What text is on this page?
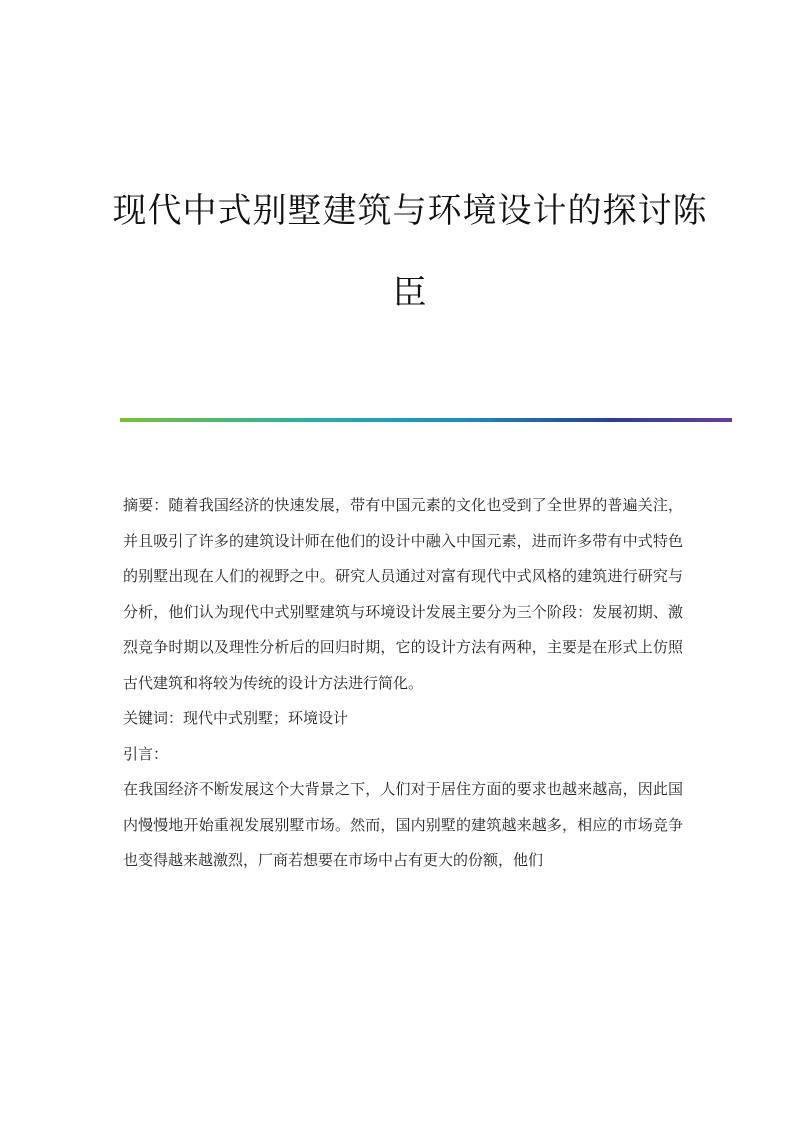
现代中式别墅建筑与环境设计的探讨陈
臣

摘要：随着我国经济的快速发展，带有中国元素的文化也受到了全世界的普遍关注，并且吸引了许多的建筑设计师在他们的设计中融入中国元素，进而许多带有中式特色的别墅出现在人们的视野之中。研究人员通过对富有现代中式风格的建筑进行研究与分析，他们认为现代中式别墅建筑与环境设计发展主要分为三个阶段：发展初期、激烈竞争时期以及理性分析后的回归时期，它的设计方法有两种，主要是在形式上仿照古代建筑和将较为传统的设计方法进行简化。

关键词：现代中式别墅；环境设计

引言：

在我国经济不断发展这个大背景之下，人们对于居住方面的要求也越来越高，因此国内慢慢地开始重视发展别墅市场。然而，国内别墅的建筑越来越多，相应的市场竞争也变得越来越激烈，厂商若想要在市场中占有更大的份额，他们
